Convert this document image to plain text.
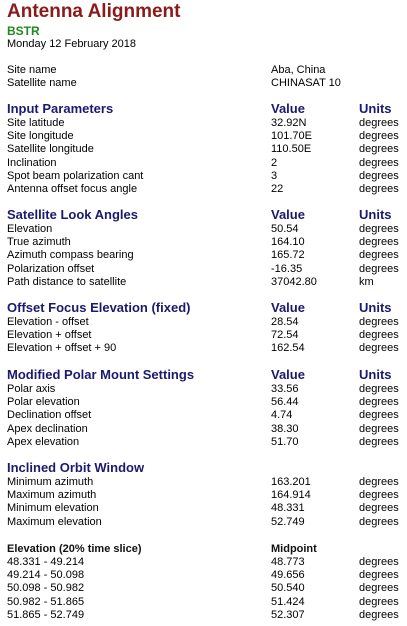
Antenna Alignment
BSTR
Monday 12 February 2018
Site name	Aba, China
Satellite name	CHINASAT 10
Input Parameters	Value	Units
Site latitude	32.92N	degrees
Site longitude	101.70E	degrees
Satellite longitude	110.50E	degrees
Inclination	2	degrees
Spot beam polarization cant	3	degrees
Antenna offset focus angle	22	degrees
Satellite Look Angles	Value	Units
Elevation	50.54	degrees
True azimuth	164.10	degrees
Azimuth compass bearing	165.72	degrees
Polarization offset	-16.35	degrees
Path distance to satellite	37042.80	km
Offset Focus Elevation (fixed)	Value	Units
Elevation - offset	28.54	degrees
Elevation + offset	72.54	degrees
Elevation + offset + 90	162.54	degrees
Modified Polar Mount Settings	Value	Units
Polar axis	33.56	degrees
Polar elevation	56.44	degrees
Declination offset	4.74	degrees
Apex declination	38.30	degrees
Apex elevation	51.70	degrees
Inclined Orbit Window
Minimum azimuth	163.201	degrees
Maximum azimuth	164.914	degrees
Minimum elevation	48.331	degrees
Maximum elevation	52.749	degrees
Elevation (20% time slice)	Midpoint
48.331 - 49.214	48.773	degrees
49.214 - 50.098	49.656	degrees
50.098 - 50.982	50.540	degrees
50.982 - 51.865	51.424	degrees
51.865 - 52.749	52.307	degrees
